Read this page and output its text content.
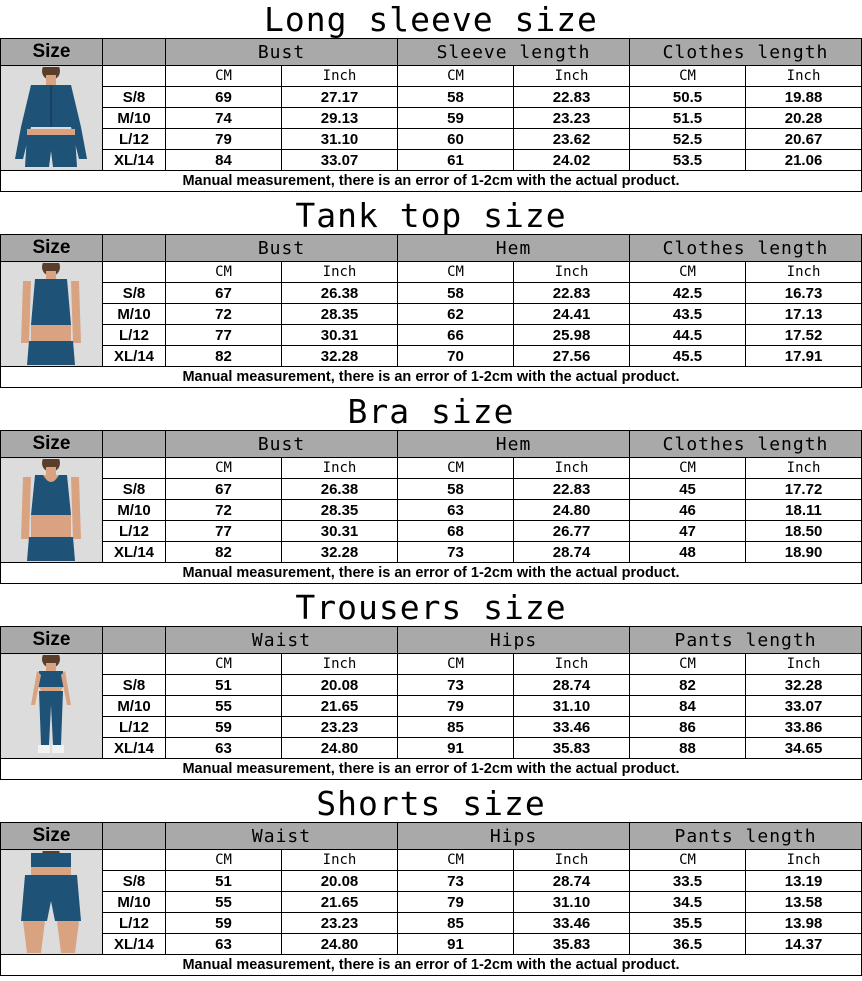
Long sleeve size
Size		Bust		Sleeve length		Clothes length	

		CM	Inch	CM	Inch	CM	Inch
	S/8	69	27.17	58	22.83	50.5	19.88
	M/10	74	29.13	59	23.23	51.5	20.28
	L/12	79	31.10	60	23.62	52.5	20.67
	XL/14	84	33.07	61	24.02	53.5	21.06
Manual measurement, there is an error of 1-2cm with the actual product.							
Tank top size
Size		Bust		Hem		Clothes length	

		CM	Inch	CM	Inch	CM	Inch
	S/8	67	26.38	58	22.83	42.5	16.73
	M/10	72	28.35	62	24.41	43.5	17.13
	L/12	77	30.31	66	25.98	44.5	17.52
	XL/14	82	32.28	70	27.56	45.5	17.91
Manual measurement, there is an error of 1-2cm with the actual product.							
Bra size
Size		Bust		Hem		Clothes length	

		CM	Inch	CM	Inch	CM	Inch
	S/8	67	26.38	58	22.83	45	17.72
	M/10	72	28.35	63	24.80	46	18.11
	L/12	77	30.31	68	26.77	47	18.50
	XL/14	82	32.28	73	28.74	48	18.90
Manual measurement, there is an error of 1-2cm with the actual product.							
Trousers size
Size		Waist		Hips		Pants length	

		CM	Inch	CM	Inch	CM	Inch
	S/8	51	20.08	73	28.74	82	32.28
	M/10	55	21.65	79	31.10	84	33.07
	L/12	59	23.23	85	33.46	86	33.86
	XL/14	63	24.80	91	35.83	88	34.65
Manual measurement, there is an error of 1-2cm with the actual product.							
Shorts size
Size		Waist		Hips		Pants length	

		CM	Inch	CM	Inch	CM	Inch
	S/8	51	20.08	73	28.74	33.5	13.19
	M/10	55	21.65	79	31.10	34.5	13.58
	L/12	59	23.23	85	33.46	35.5	13.98
	XL/14	63	24.80	91	35.83	36.5	14.37
Manual measurement, there is an error of 1-2cm with the actual product.							
